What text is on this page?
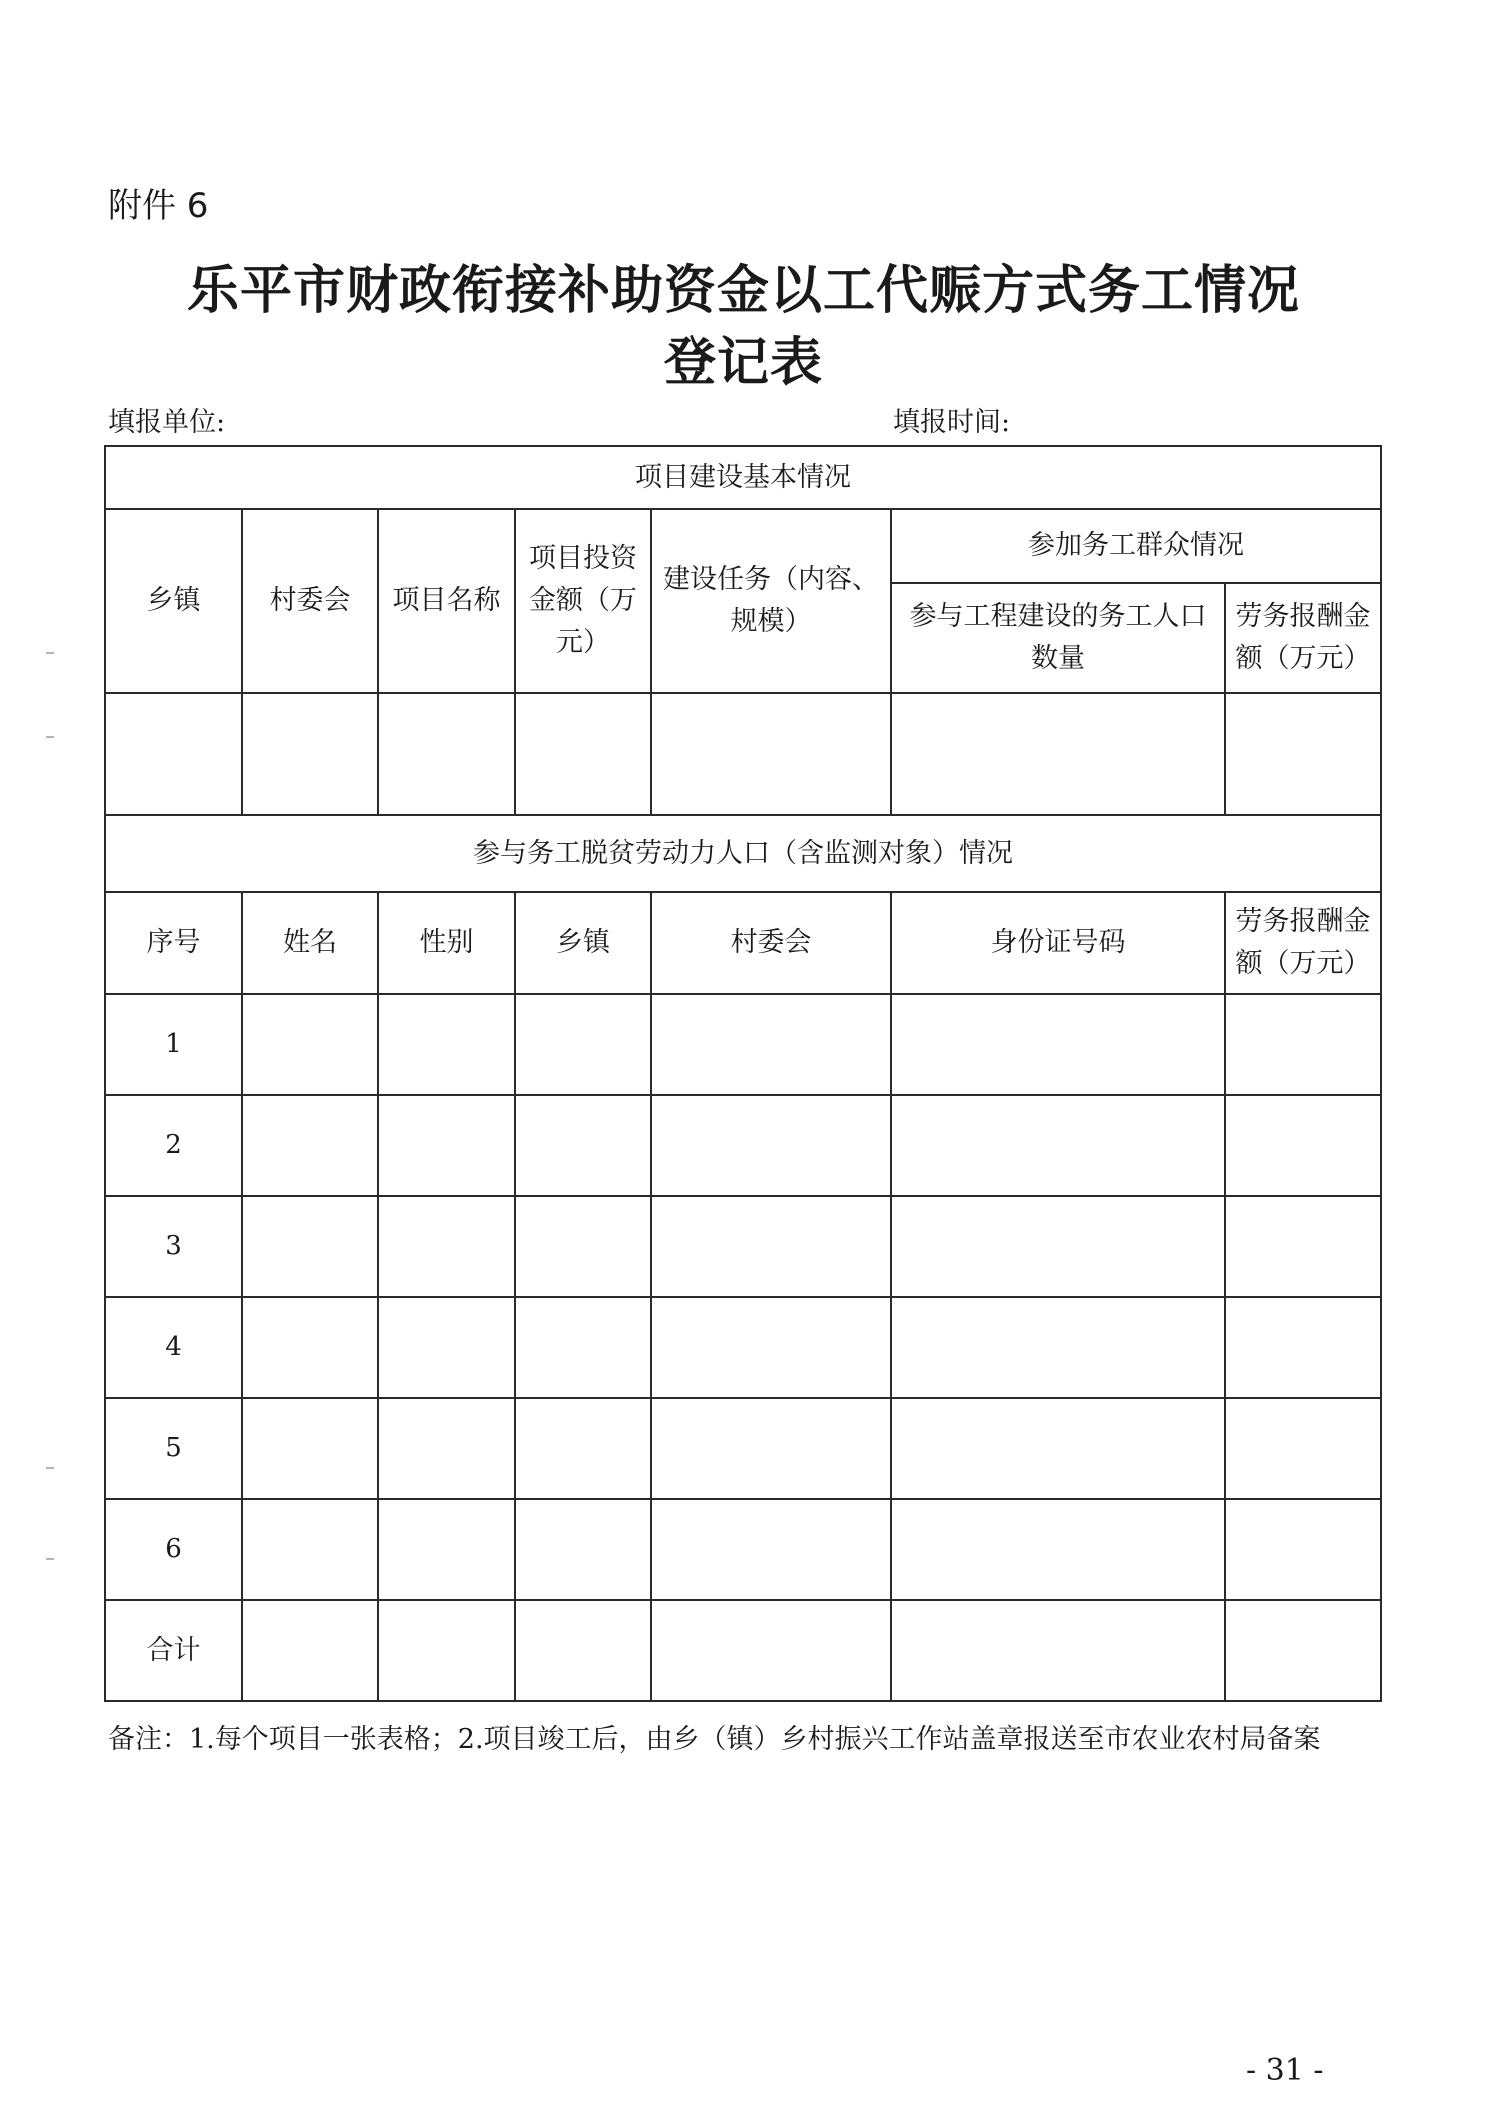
附件 6
乐平市财政衔接补助资金以工代赈方式务工情况
登记表
填报单位:	填报时间:
项目建设基本情况						
乡镇	村委会	项目名称	项目投资金额（万元）	建设任务（内容、规模）	参加务工群众情况	
					参与工程建设的务工人口数量	劳务报酬金额（万元）

参与务工脱贫劳动力人口（含监测对象）情况						
序号	姓名	性别	乡镇	村委会	身份证号码	劳务报酬金额（万元）
1						
2						
3						
4						
5						
6						
合计						
备注：1.每个项目一张表格；2.项目竣工后，由乡（镇）乡村振兴工作站盖章报送至市农业农村局备案
- 31 -
